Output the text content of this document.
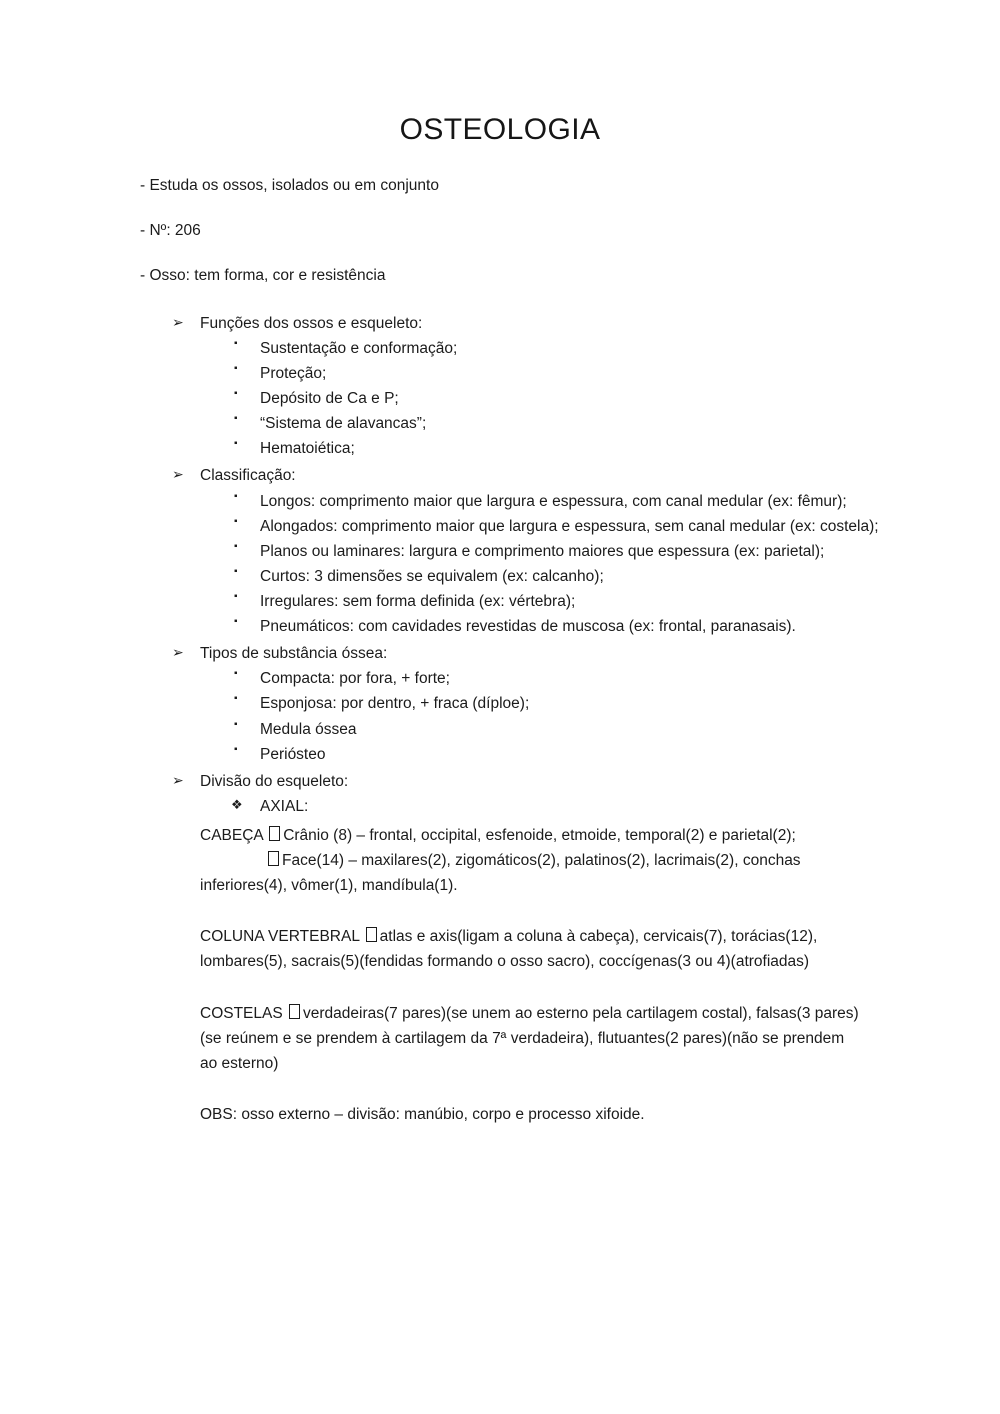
OSTEOLOGIA
- Estuda os ossos, isolados ou em conjunto
- Nº: 206
- Osso: tem forma, cor e resistência
➢ Funções dos ossos e esqueleto:
▪ Sustentação e conformação;
▪ Proteção;
▪ Depósito de Ca e P;
▪ “Sistema de alavancas”;
▪ Hematoiética;
➢ Classificação:
▪ Longos: comprimento maior que largura e espessura, com canal medular (ex: fêmur);
▪ Alongados: comprimento maior que largura e espessura, sem canal medular (ex: costela);
▪ Planos ou laminares: largura e comprimento maiores que espessura (ex: parietal);
▪ Curtos: 3 dimensões se equivalem (ex: calcanho);
▪ Irregulares: sem forma definida (ex: vértebra);
▪ Pneumáticos: com cavidades revestidas de muscosa (ex: frontal, paranasais).
➢ Tipos de substância óssea:
▪ Compacta: por fora, + forte;
▪ Esponjosa: por dentro, + fraca (díploe);
▪ Medula óssea
▪ Periósteo
➢ Divisão do esqueleto:
❖ AXIAL:

CABEÇA Crânio (8) – frontal, occipital, esfenoide, etmoide, temporal(2) e parietal(2);

Face(14) – maxilares(2), zigomáticos(2), palatinos(2), lacrimais(2), conchas inferiores(4), vômer(1), mandíbula(1).

COLUNA VERTEBRAL atlas e axis(ligam a coluna à cabeça), cervicais(7), torácias(12), lombares(5), sacrais(5)(fendidas formando o osso sacro), coccígenas(3 ou 4)(atrofiadas)

COSTELAS verdadeiras(7 pares)(se unem ao esterno pela cartilagem costal), falsas(3 pares)(se reúnem e se prendem à cartilagem da 7ª verdadeira), flutuantes(2 pares)(não se prendem ao esterno)

OBS: osso externo – divisão: manúbio, corpo e processo xifoide.
